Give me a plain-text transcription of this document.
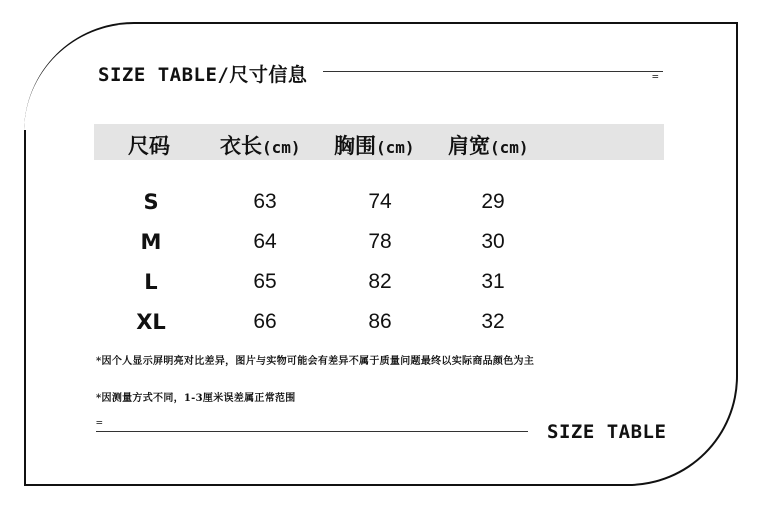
SIZE TABLE/尺寸信息	=
尺码 衣长(cm) 胸围(cm) 肩宽(cm)
S	63	74	29
M	64	78	30
L	65	82	31
XL	66	86	32
*因个人显示屏明亮对比差异，图片与实物可能会有差异不属于质量问题最终以实际商品颜色为主
*因测量方式不同，1-3厘米误差属正常范围
=	SIZE TABLE
